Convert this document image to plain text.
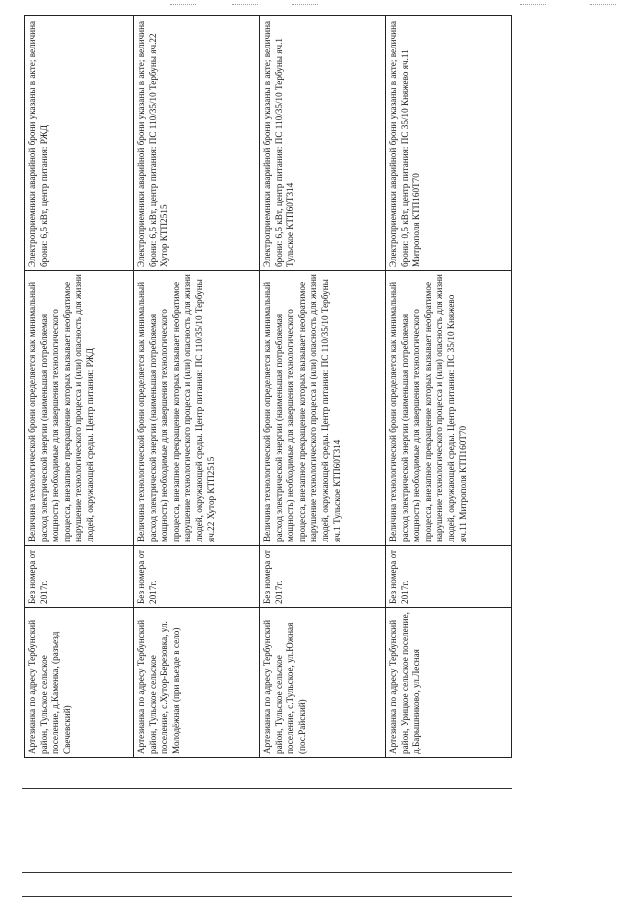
Артезианка по адресу Тербунский район, Тульское сельское поселение, д.Каменка, (разъезд Свечевский)	Без номера от 2017г.	Величина технологической брони определяется как минимальный расход электрической энергии (наименьшая потребляемая мощность) необходимые для завершения технологического процесса, внезапное прекращение которых вызывает необратимое нарушение технологического процесса и (или) опасность для жизни людей, окружающей среды. Центр питания: РЖД	Электроприемники аварийной брони указаны в акте; величина брони: 6,5 кВт, центр питания: РЖД
Артезианка по адресу Тербунский район, Тульское сельское поселение, с.Хутор-Березовка, ул. Молодёжная (при въезде в село)	Без номера от 2017г.	Величина технологической брони определяется как минимальный расход электрической энергии (наименьшая потребляемая мощность) необходимые для завершения технологического процесса, внезапное прекращение которых вызывает необратимое нарушение технологического процесса и (или) опасность для жизни людей, окружающей среды. Центр питания: ПС 110/35/10 Тербуны яч.22 Хутор КТП2515	Электроприемники аварийной брони указаны в акте; величина брони: 6,5 кВт, центр питания: ПС 110/35/10 Тербуны яч.22 Хутор КТП2515
Артезианка по адресу Тербунский район, Тульское сельское поселение, с.Тульское, ул.Южная (пос.Райский)	Без номера от 2017г.	Величина технологической брони определяется как минимальный расход электрической энергии (наименьшая потребляемая мощность) необходимые для завершения технологического процесса, внезапное прекращение которых вызывает необратимое нарушение технологического процесса и (или) опасность для жизни людей, окружающей среды. Центр питания: ПС 110/35/10 Тербуны яч.1 Тульское КТП60Т314	Электроприемники аварийной брони указаны в акте; величина брони: 6,5 кВт, центр питания: ПС 110/35/10 Тербуны яч.1 Тульское КТП60Т314
Артезианка по адресу Тербунский район, Урицкое сельское поселение, д.Барышниково, ул.Лесная	Без номера от 2017г.	Величина технологической брони определяется как минимальный расход электрической энергии (наименьшая потребляемая мощность) необходимые для завершения технологического процесса, внезапное прекращение которых вызывает необратимое нарушение технологического процесса и (или) опасность для жизни людей, окружающей среды. Центр питания: ПС 35/10 Княжево яч.11 Митрополя КТП160Т70	Электроприемники аварийной брони указаны в акте; величина брони: 0,5 кВт, центр питания: ПС 35/10 Княжево яч.11 Митрополя КТП160Т70
